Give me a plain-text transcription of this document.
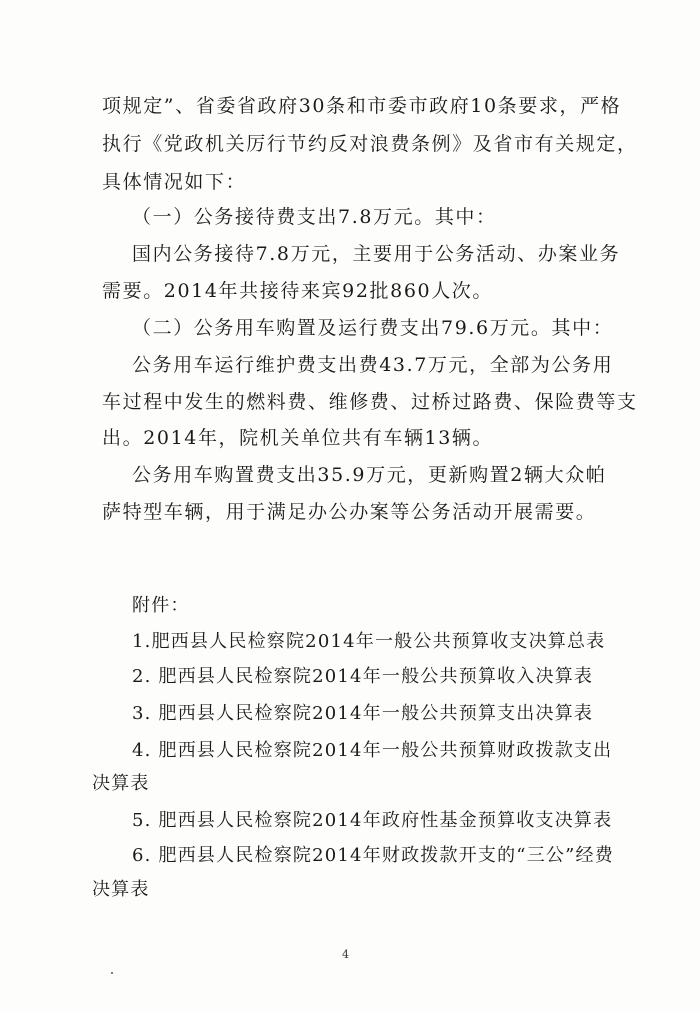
项规定”、省委省政府30条和市委市政府10条要求，严格

执行《党政机关厉行节约反对浪费条例》及省市有关规定，

具体情况如下：

（一）公务接待费支出7.8万元。其中：

国内公务接待7.8万元，主要用于公务活动、办案业务

需要。2014年共接待来宾92批860人次。

（二）公务用车购置及运行费支出79.6万元。其中：

公务用车运行维护费支出费43.7万元，全部为公务用

车过程中发生的燃料费、维修费、过桥过路费、保险费等支

出。2014年，院机关单位共有车辆13辆。

公务用车购置费支出35.9万元，更新购置2辆大众帕

萨特型车辆，用于满足办公办案等公务活动开展需要。

附件：

1.肥西县人民检察院2014年一般公共预算收支决算总表

2. 肥西县人民检察院2014年一般公共预算收入决算表

3. 肥西县人民检察院2014年一般公共预算支出决算表

4. 肥西县人民检察院2014年一般公共预算财政拨款支出

决算表

5. 肥西县人民检察院2014年政府性基金预算收支决算表

6. 肥西县人民检察院2014年财政拨款开支的“三公”经费

决算表

4
